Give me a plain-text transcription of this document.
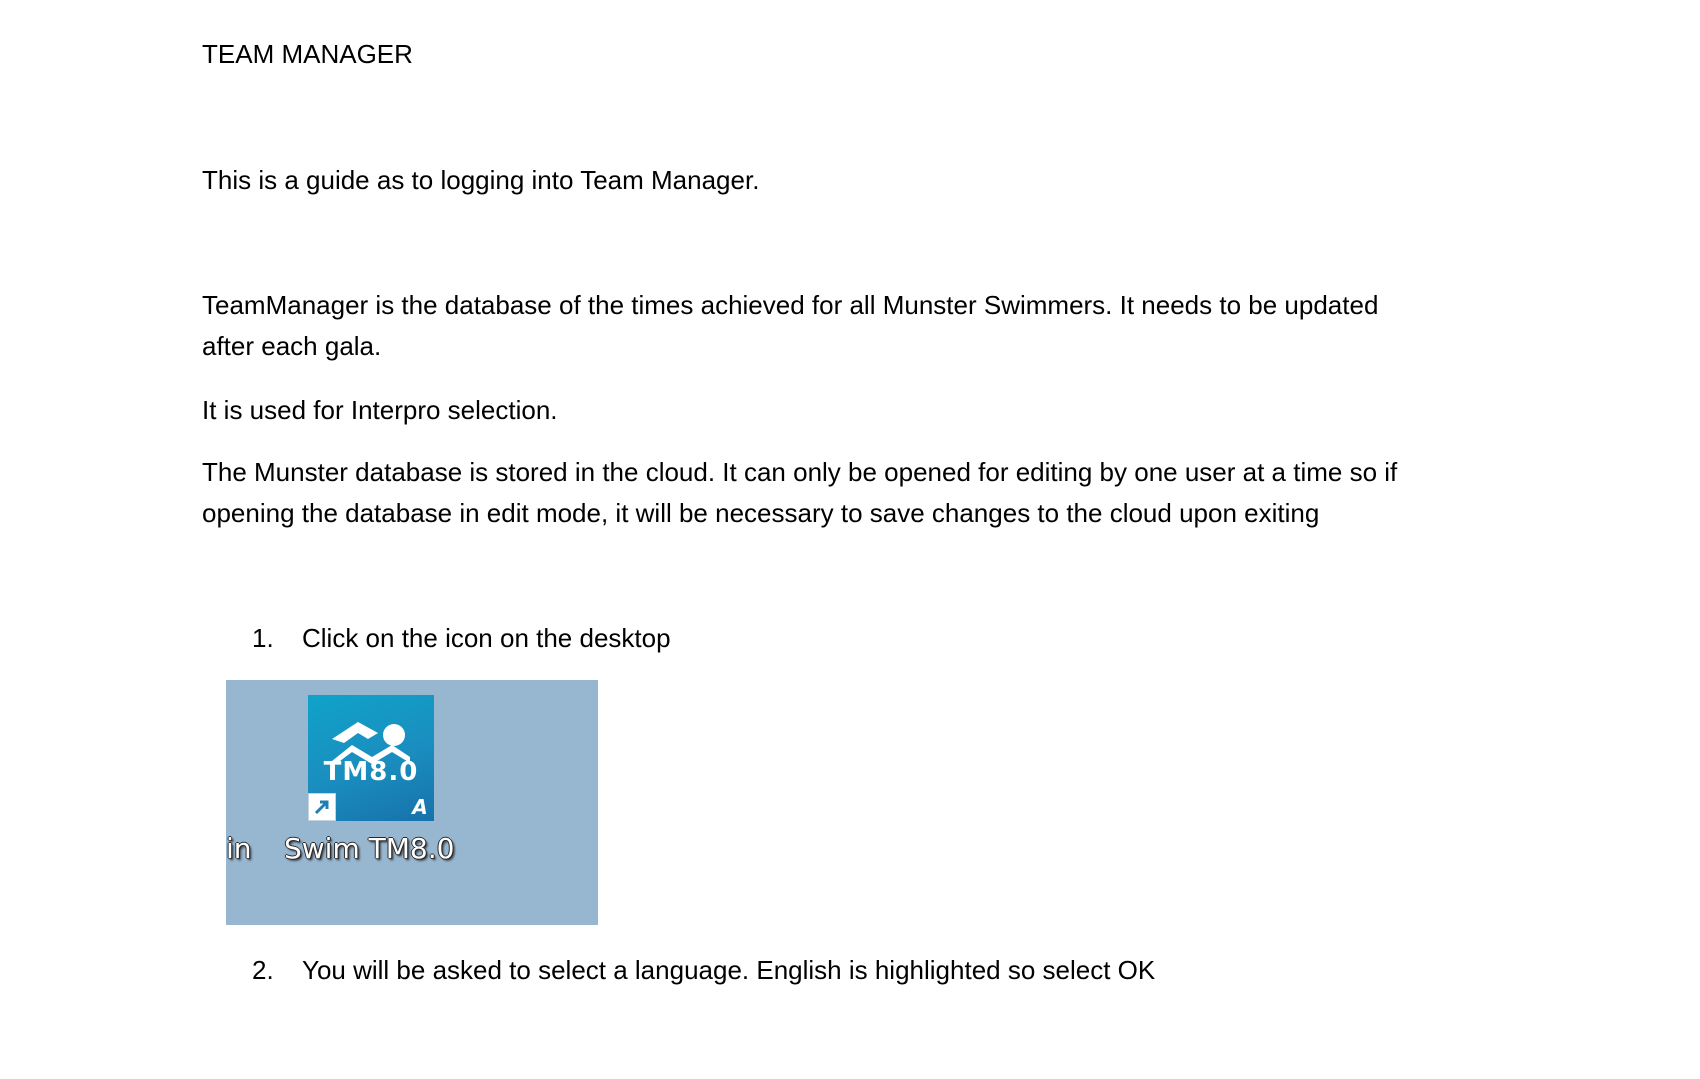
TEAM MANAGER
This is a guide as to logging into Team Manager.
TeamManager is the database of the times achieved for all Munster Swimmers. It needs to be updated
after each gala.
It is used for Interpro selection.
The Munster database is stored in the cloud. It can only be opened for editing by one user at a time so if
opening the database in edit mode, it will be necessary to save changes to the cloud upon exiting
1. Click on the icon on the desktop
in
TM8.0
A
Swim TM8.0
2. You will be asked to select a language. English is highlighted so select OK
